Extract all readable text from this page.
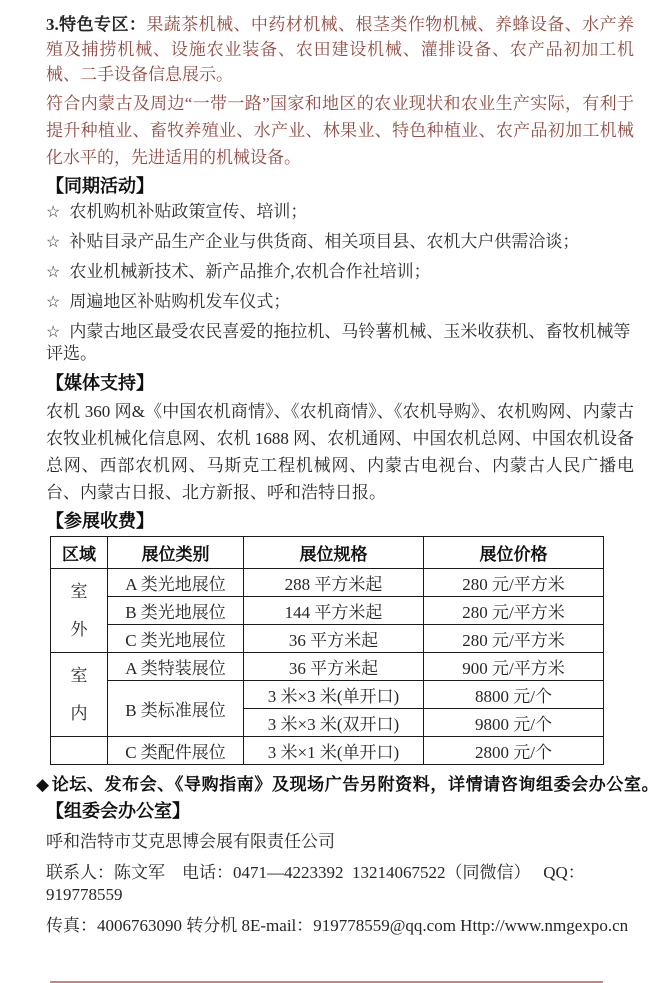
3.特色专区：果蔬茶机械、中药材机械、根茎类作物机械、养蜂设备、水产养殖及捕捞机械、设施农业装备、农田建设机械、灌排设备、农产品初加工机械、二手设备信息展示。

符合内蒙古及周边“一带一路”国家和地区的农业现状和农业生产实际，有利于提升种植业、畜牧养殖业、水产业、林果业、特色种植业、农产品初加工机械化水平的，先进适用的机械设备。

【同期活动】
☆ 农机购机补贴政策宣传、培训；
☆ 补贴目录产品生产企业与供货商、相关项目县、农机大户供需洽谈；
☆ 农业机械新技术、新产品推介,农机合作社培训；
☆ 周遍地区补贴购机发车仪式；
☆ 内蒙古地区最受农民喜爱的拖拉机、马铃薯机械、玉米收获机、畜牧机械等评选。
【媒体支持】

农机 360 网&《中国农机商情》、《农机商情》、《农机导购》、农机购网、内蒙古农牧业机械化信息网、农机 1688 网、农机通网、中国农机总网、中国农机设备总网、西部农机网、马斯克工程机械网、内蒙古电视台、内蒙古人民广播电台、内蒙古日报、北方新报、呼和浩特日报。

【参展收费】
区域	展位类别	展位规格	展位价格

室
外	A 类光地展位	288 平方米起	280 元/平方米
	B 类光地展位	144 平方米起	280 元/平方米
	C 类光地展位	36 平方米起	280 元/平方米

室
内	A 类特装展位	36 平方米起	900 元/平方米
	B 类标准展位	3 米×3 米(单开口)	8800 元/个
		3 米×3 米(双开口)	9800 元/个
	C 类配件展位	3 米×1 米(单开口)	2800 元/个
◆ 论坛、发布会、《导购指南》及现场广告另附资料，详情请咨询组委会办公室。
【组委会办公室】

呼和浩特市艾克思博会展有限责任公司

联系人：陈文军    电话：0471—4223392  13214067522（同微信）   QQ：919778559

传真：4006763090 转分机 8E-mail：919778559@qq.com Http://www.nmgexpo.cn
